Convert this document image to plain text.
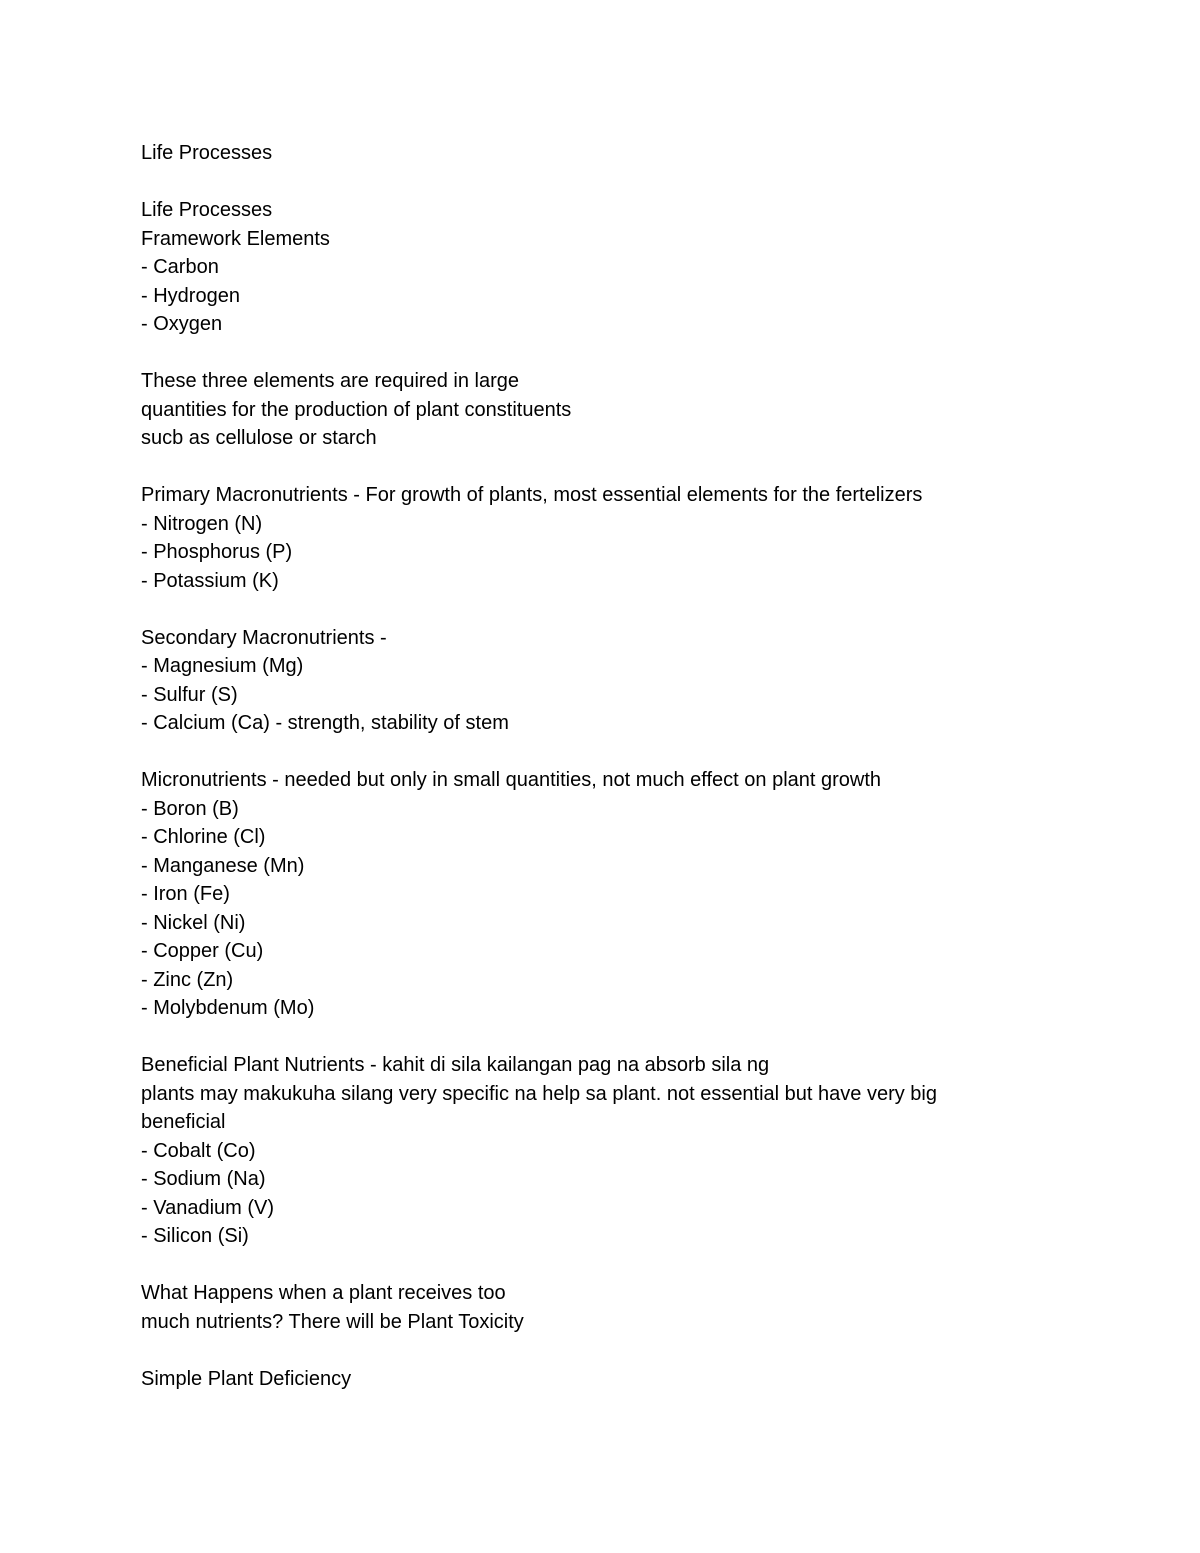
Life Processes
Life Processes
Framework Elements
- Carbon
- Hydrogen
- Oxygen
These three elements are required in large
quantities for the production of plant constituents
sucb as cellulose or starch
Primary Macronutrients - For growth of plants, most essential elements for the fertelizers
- Nitrogen (N)
- Phosphorus (P)
- Potassium (K)
Secondary Macronutrients -
- Magnesium (Mg)
- Sulfur (S)
- Calcium (Ca) - strength, stability of stem
Micronutrients - needed but only in small quantities, not much effect on plant growth
- Boron (B)
- Chlorine (Cl)
- Manganese (Mn)
- Iron (Fe)
- Nickel (Ni)
- Copper (Cu)
- Zinc (Zn)
- Molybdenum (Mo)
Beneficial Plant Nutrients - kahit di sila kailangan pag na absorb sila ng
plants may makukuha silang very specific na help sa plant. not essential but have very big
beneficial
- Cobalt (Co)
- Sodium (Na)
- Vanadium (V)
- Silicon (Si)
What Happens when a plant receives too
much nutrients? There will be Plant Toxicity
Simple Plant Deficiency
